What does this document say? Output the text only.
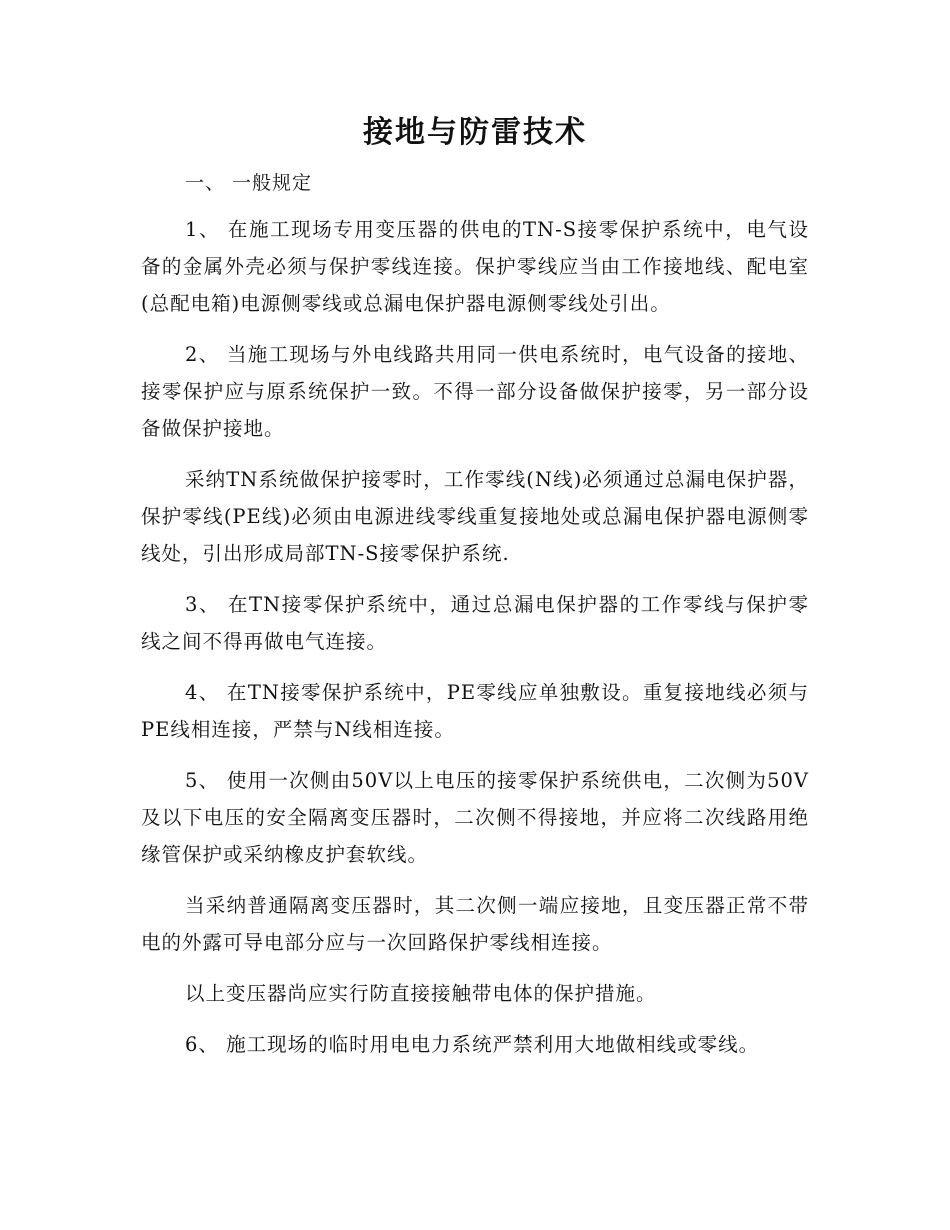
接地与防雷技术

一、 一般规定

1、 在施工现场专用变压器的供电的TN-S接零保护系统中，电气设备的金属外壳必须与保护零线连接。保护零线应当由工作接地线、配电室(总配电箱)电源侧零线或总漏电保护器电源侧零线处引出。

2、 当施工现场与外电线路共用同一供电系统时，电气设备的接地、接零保护应与原系统保护一致。不得一部分设备做保护接零，另一部分设备做保护接地。

采纳TN系统做保护接零时，工作零线(N线)必须通过总漏电保护器，保护零线(PE线)必须由电源进线零线重复接地处或总漏电保护器电源侧零线处，引出形成局部TN-S接零保护系统.

3、 在TN接零保护系统中，通过总漏电保护器的工作零线与保护零线之间不得再做电气连接。

4、 在TN接零保护系统中，PE零线应单独敷设。重复接地线必须与PE线相连接，严禁与N线相连接。

5、 使用一次侧由50V以上电压的接零保护系统供电，二次侧为50V及以下电压的安全隔离变压器时，二次侧不得接地，并应将二次线路用绝缘管保护或采纳橡皮护套软线。

当采纳普通隔离变压器时，其二次侧一端应接地，且变压器正常不带电的外露可导电部分应与一次回路保护零线相连接。

以上变压器尚应实行防直接接触带电体的保护措施。

6、 施工现场的临时用电电力系统严禁利用大地做相线或零线。
